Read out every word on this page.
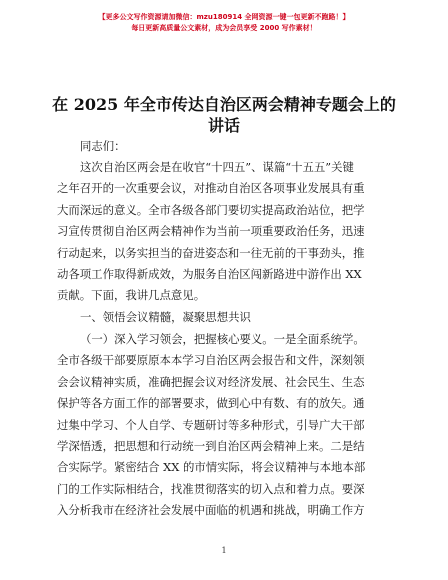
【更多公文写作资源请加微信：mzu180914 全网资源一键一包更新不跑路！】
每日更新高质量公文素材，成为会员享受 2000 写作素材！
在 2025 年全市传达自治区两会精神专题会上的
讲话
同志们：
这次自治区两会是在收官“十四五”、谋篇“十五五”关键
之年召开的一次重要会议，对推动自治区各项事业发展具有重
大而深远的意义。全市各级各部门要切实提高政治站位，把学
习宣传贯彻自治区两会精神作为当前一项重要政治任务，迅速
行动起来，以务实担当的奋进姿态和一往无前的干事劲头，推
动各项工作取得新成效，为服务自治区闯新路进中游作出 XX
贡献。下面，我讲几点意见。
一、领悟会议精髓，凝聚思想共识
（一）深入学习领会，把握核心要义。一是全面系统学。
全市各级干部要原原本本学习自治区两会报告和文件，深刻领
会会议精神实质，准确把握会议对经济发展、社会民生、生态
保护等各方面工作的部署要求，做到心中有数、有的放矢。通
过集中学习、个人自学、专题研讨等多种形式，引导广大干部
学深悟透，把思想和行动统一到自治区两会精神上来。二是结
合实际学。紧密结合 XX 的市情实际，将会议精神与本地本部
门的工作实际相结合，找准贯彻落实的切入点和着力点。要深
入分析我市在经济社会发展中面临的机遇和挑战，明确工作方
1
